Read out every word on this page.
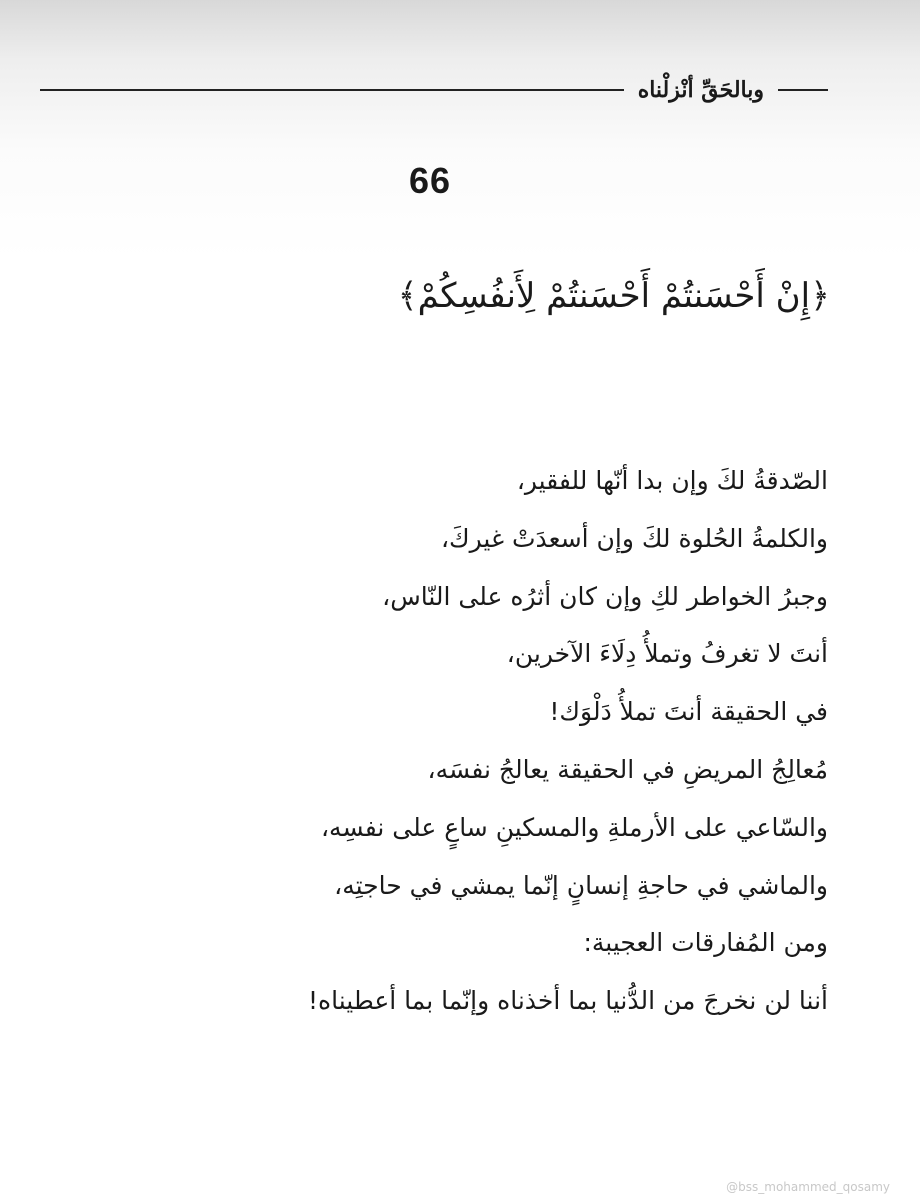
وبالحَقِّ أنْزلْناه
66
﴿إِنْ أَحْسَنتُمْ أَحْسَنتُمْ لِأَنفُسِكُمْ﴾
الصّدقةُ لكَ وإن بدا أنّها للفقير،
والكلمةُ الحُلوة لكَ وإن أسعدَتْ غيركَ،
وجبرُ الخواطر لكِ وإن كان أثرُه على النّاس،
أنتَ لا تغرفُ وتملأُ دِلَاءَ الآخرين،
في الحقيقة أنتَ تملأُ دَلْوَك!
مُعالِجُ المريضِ في الحقيقة يعالجُ نفسَه،
والسّاعي على الأرملةِ والمسكينِ ساعٍ على نفسِه،
والماشي في حاجةِ إنسانٍ إنّما يمشي في حاجتِه،
ومن المُفارقات العجيبة:
أننا لن نخرجَ من الدُّنيا بما أخذناه وإنّما بما أعطيناه!
@bss_mohammed_qosamy
